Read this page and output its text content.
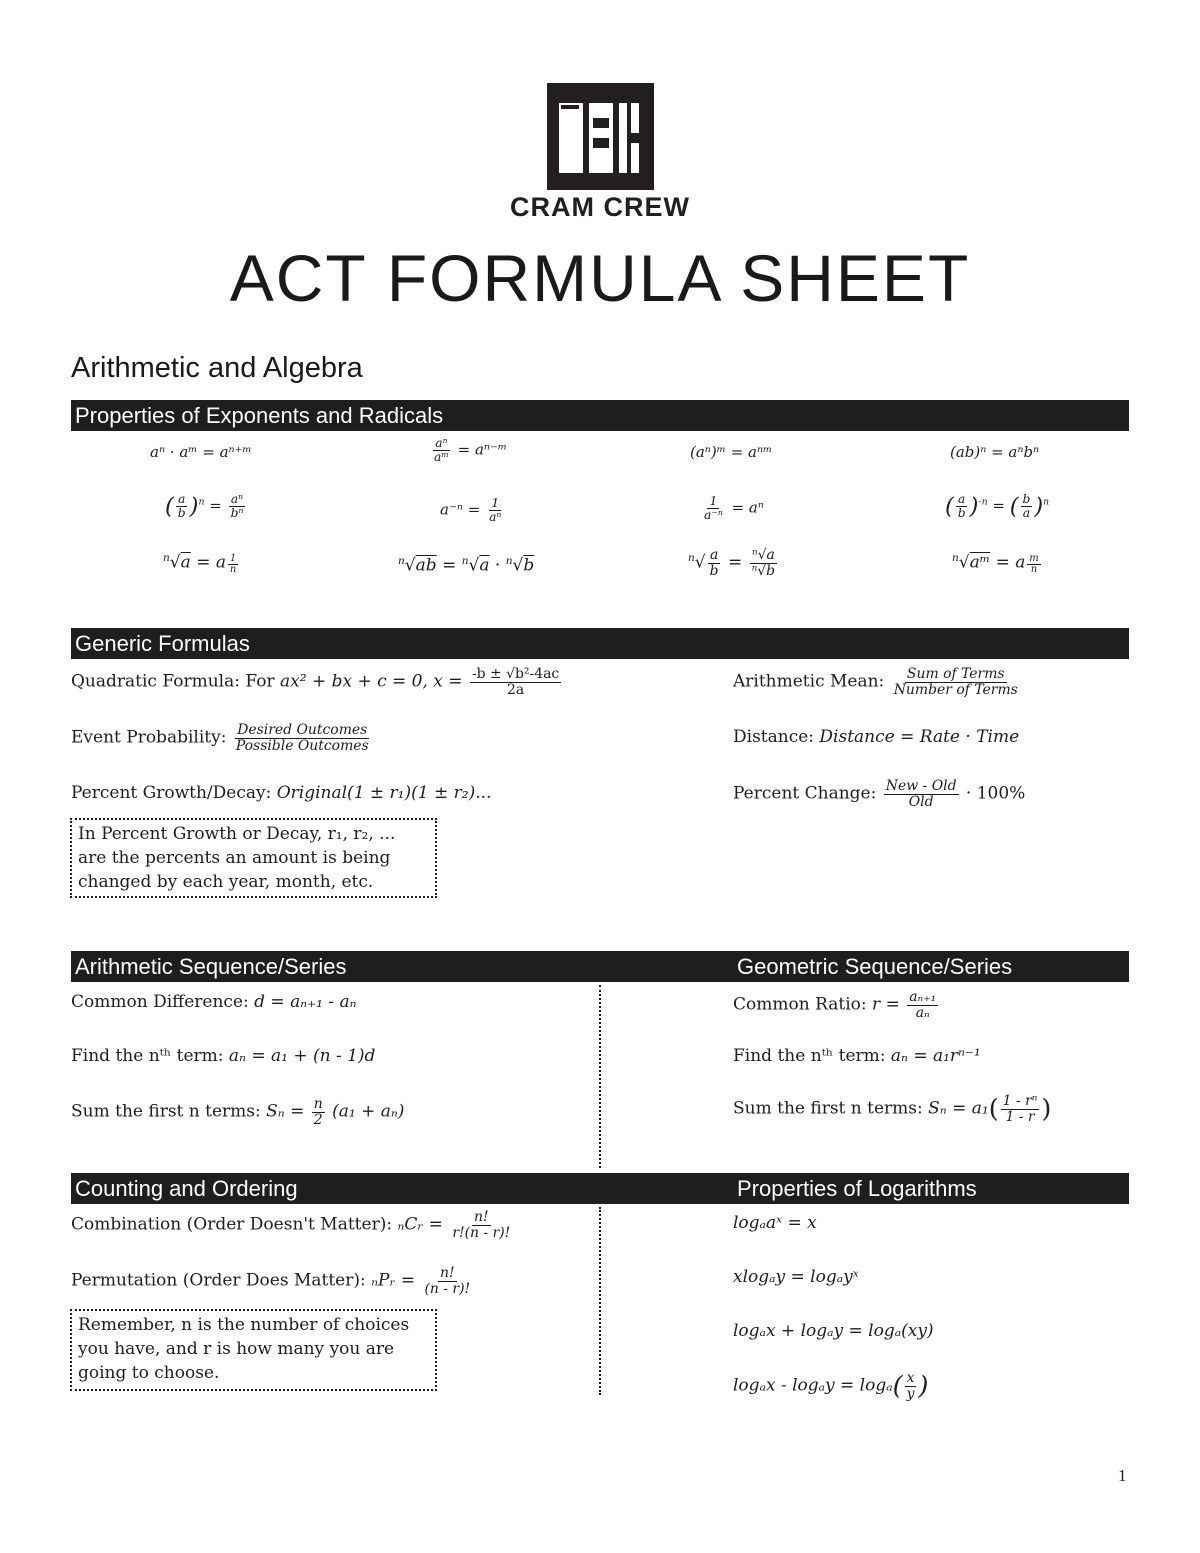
CRAM CREW
ACT FORMULA SHEET
Arithmetic and Algebra
Properties of Exponents and Radicals
aⁿ · aᵐ = aⁿ⁺ᵐ	$\frac{\text{aⁿ}}{\text{aᵐ}}$ = aⁿ⁻ᵐ	(aⁿ)ᵐ = aⁿᵐ	(ab)ⁿ = aⁿbⁿ
( $\frac{a}{b} )^n = \frac{\text{aⁿ}}{\text{bⁿ}}$	$a^{-n} = \frac{1}{\text{aⁿ}}$	$\frac{1}{\text{a⁻ⁿ}} = a^n$	( $\frac{a}{b} )^{-n}$ = ( $\frac{b}{a} )^n$
$^n$√a = a $\frac{1}{n}$	$^n$√ab = $^n$√a · $^n$√b	$^n√ \frac{a}{b} = \frac{\text{ⁿ√a}}{\text{ⁿ√b}}$	$^n$√aᵐ = a $\frac{m}{n}$
Generic Formulas
Quadratic Formula: For ax² + bx + c = 0, $x = \frac{\text{-b ± √b²-4ac}}{2a}$	Arithmetic Mean: $\frac{\text{Sum of Terms}}{\text{Number of Terms}}$
Event Probability: $\frac{\text{Desired Outcomes}}{\text{Possible Outcomes}}$	Distance: Distance = Rate · Time
Percent Growth/Decay: Original(1 ± r₁)(1 ± r₂)...	Percent Change: $\frac{\text{New - Old}}{\text{Old}} \cdot 100\%$
In Percent Growth or Decay, r₁, r₂, ... are the percents an amount is being changed by each year, month, etc.
Arithmetic Sequence/Series	Geometric Sequence/Series
Common Difference: d = aₙ₊₁ - aₙ	Common Ratio: $r = \frac{\text{aₙ₊₁}}{\text{aₙ}}$
Find the nᵗʰ term: aₙ = a₁ + (n - 1)d	Find the nᵗʰ term: aₙ = a₁rⁿ⁻¹
Sum the first n terms: $S_n = \frac{n}{2} (a_1 + a_n)$	Sum the first n terms: $S_n = a_1( \frac{\text{1 - rⁿ}}{1 - r}$ )
Counting and Ordering	Properties of Logarithms
Combination (Order Doesn't Matter): ₙCᵣ = $\frac{n!}{r!(n - r)!}$	logₐaˣ = x
Permutation (Order Does Matter): ₙPᵣ = $\frac{n!}{(n - r)!}$	xlogₐy = logₐyˣ
Remember, n is the number of choices you have, and r is how many you are going to choose.
logₐx + logₐy = logₐ(xy)
$\log_ax - \log_ay = \log_a( \frac{x}{y}$ )
1
